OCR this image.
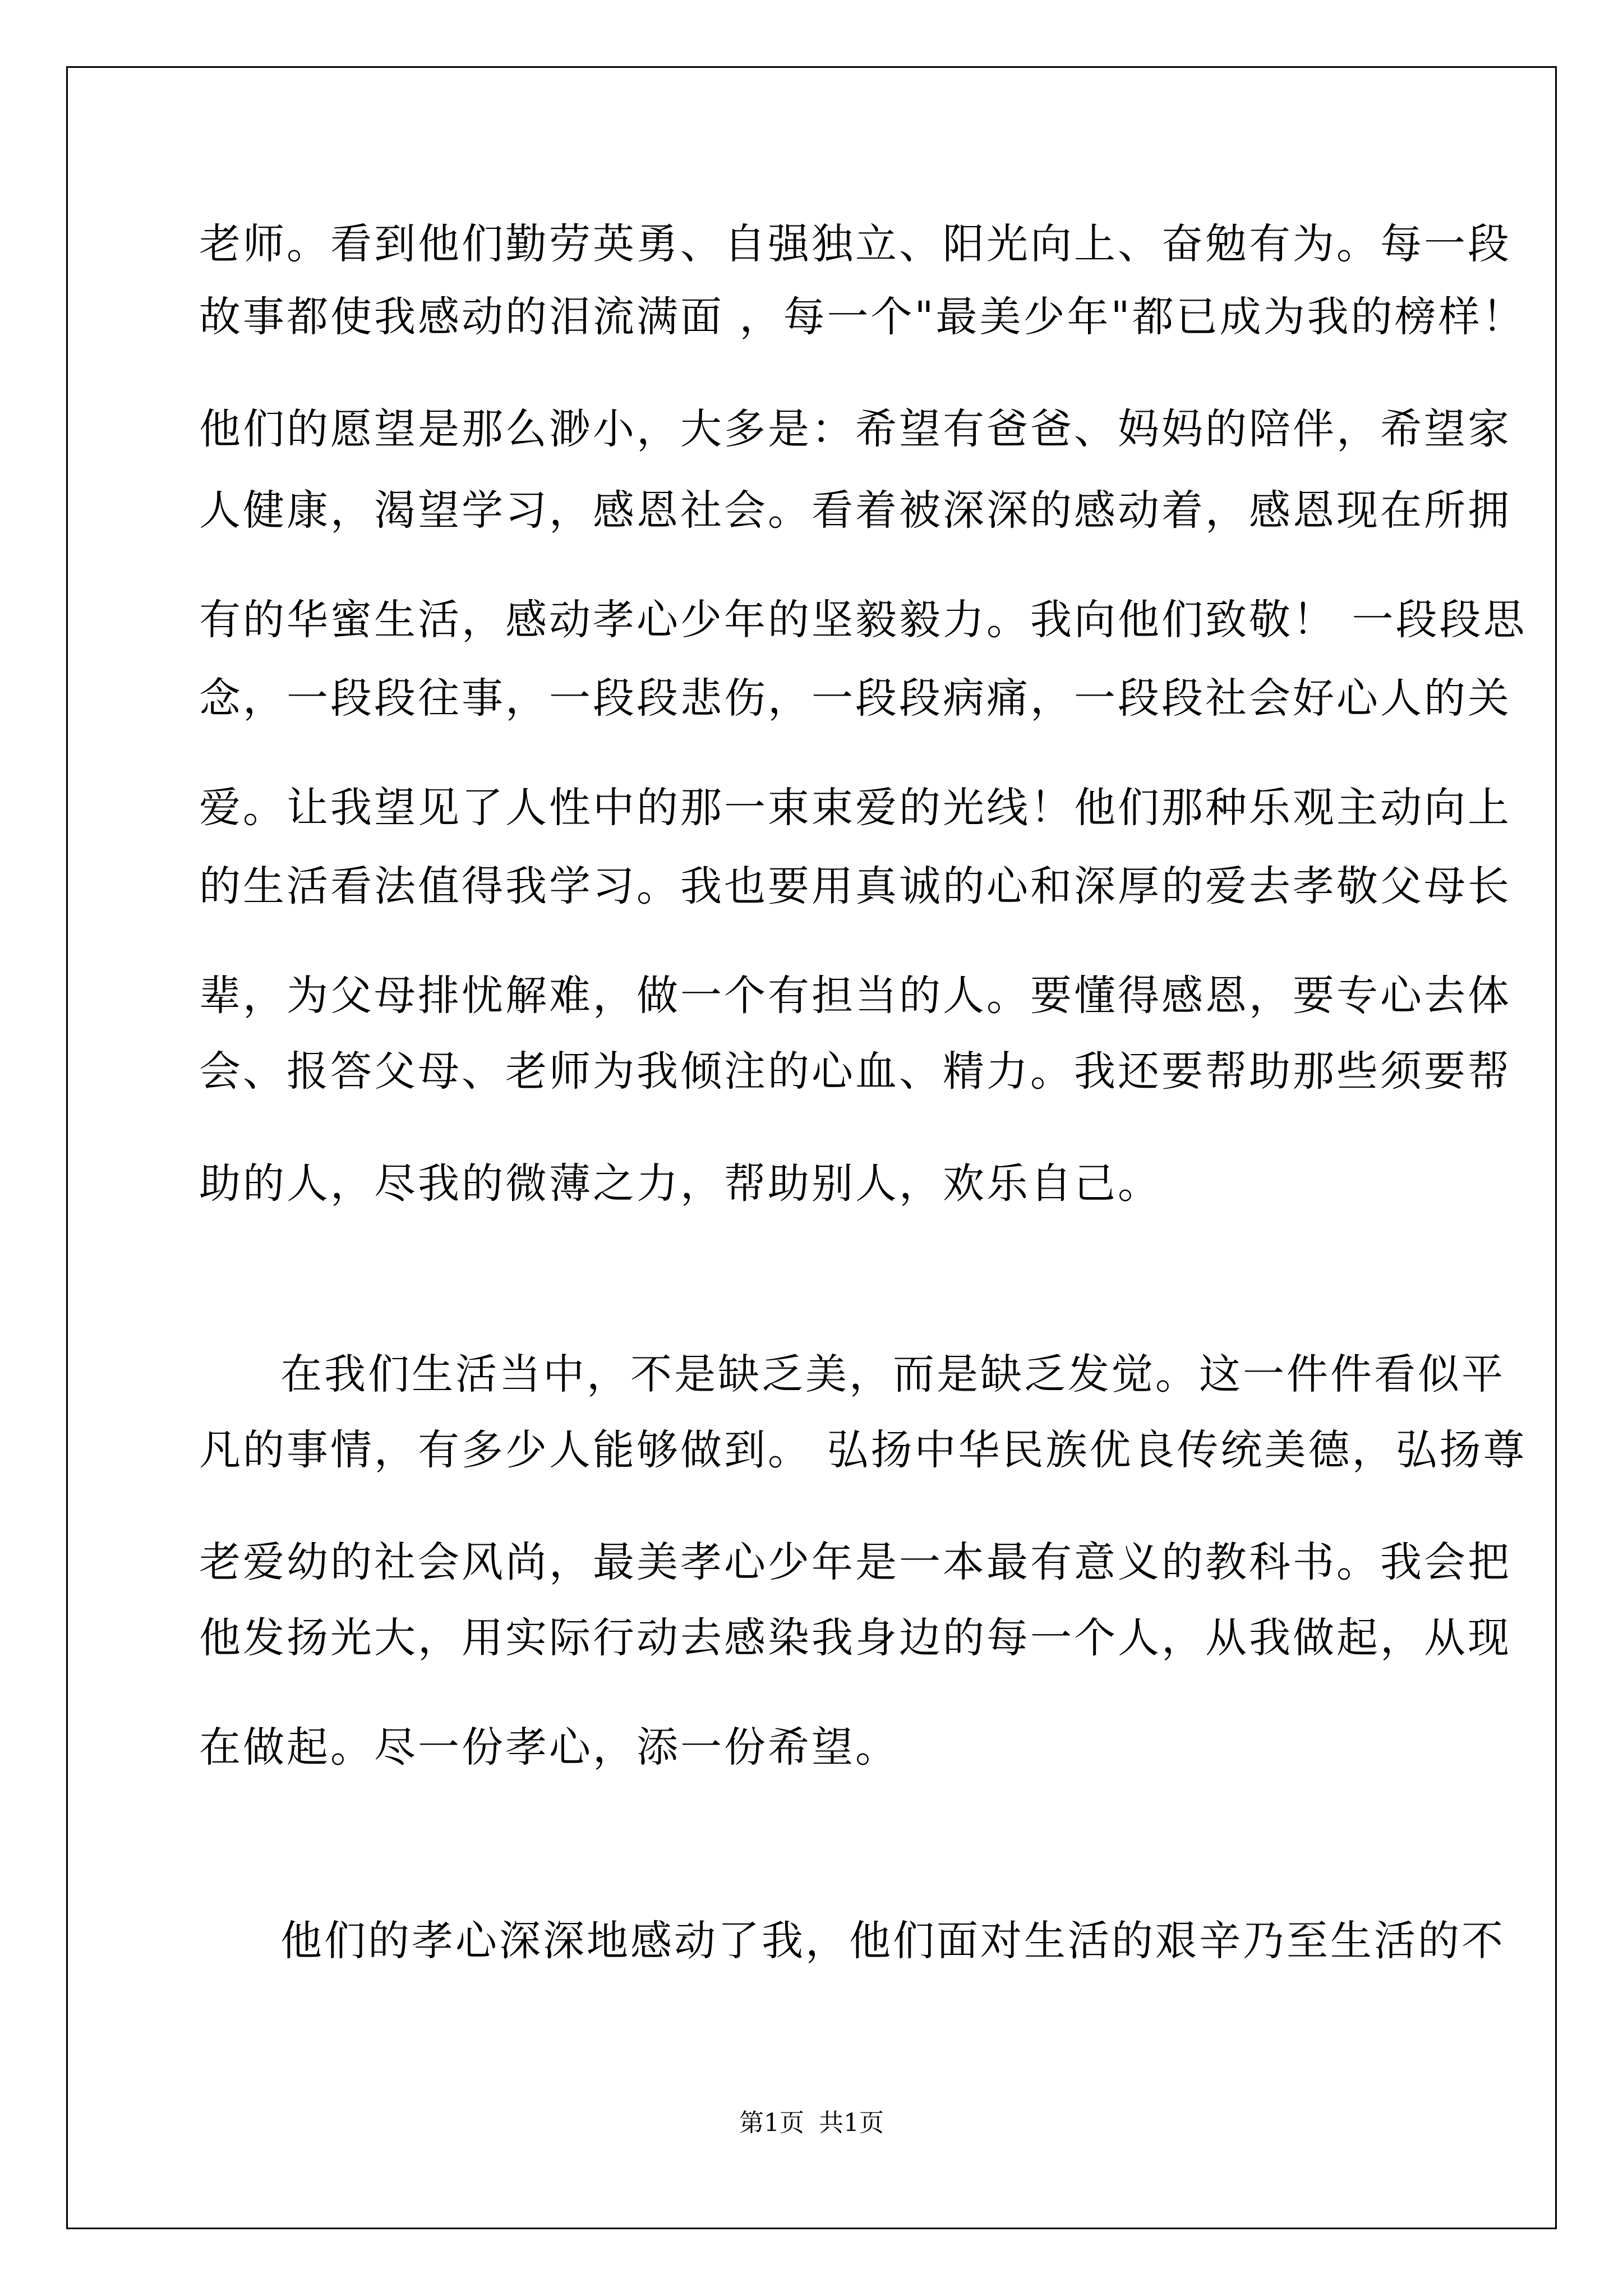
老师。看到他们勤劳英勇、自强独立、阳光向上、奋勉有为。每一段
故事都使我感动的泪流满面 ，每一个"最美少年"都已成为我的榜样！
他们的愿望是那么渺小，大多是：希望有爸爸、妈妈的陪伴，希望家
人健康，渴望学习，感恩社会。看着被深深的感动着，感恩现在所拥
有的华蜜生活，感动孝心少年的坚毅毅力。我向他们致敬！ 一段段思
念，一段段往事，一段段悲伤，一段段病痛，一段段社会好心人的关
爱。让我望见了人性中的那一束束爱的光线！他们那种乐观主动向上
的生活看法值得我学习。我也要用真诚的心和深厚的爱去孝敬父母长
辈，为父母排忧解难，做一个有担当的人。要懂得感恩，要专心去体
会、报答父母、老师为我倾注的心血、精力。我还要帮助那些须要帮
助的人，尽我的微薄之力，帮助别人，欢乐自己。
在我们生活当中，不是缺乏美，而是缺乏发觉。这一件件看似平
凡的事情，有多少人能够做到。 弘扬中华民族优良传统美德，弘扬尊
老爱幼的社会风尚，最美孝心少年是一本最有意义的教科书。我会把
他发扬光大，用实际行动去感染我身边的每一个人，从我做起，从现
在做起。尽一份孝心，添一份希望。
他们的孝心深深地感动了我，他们面对生活的艰辛乃至生活的不
第1页 共1页
